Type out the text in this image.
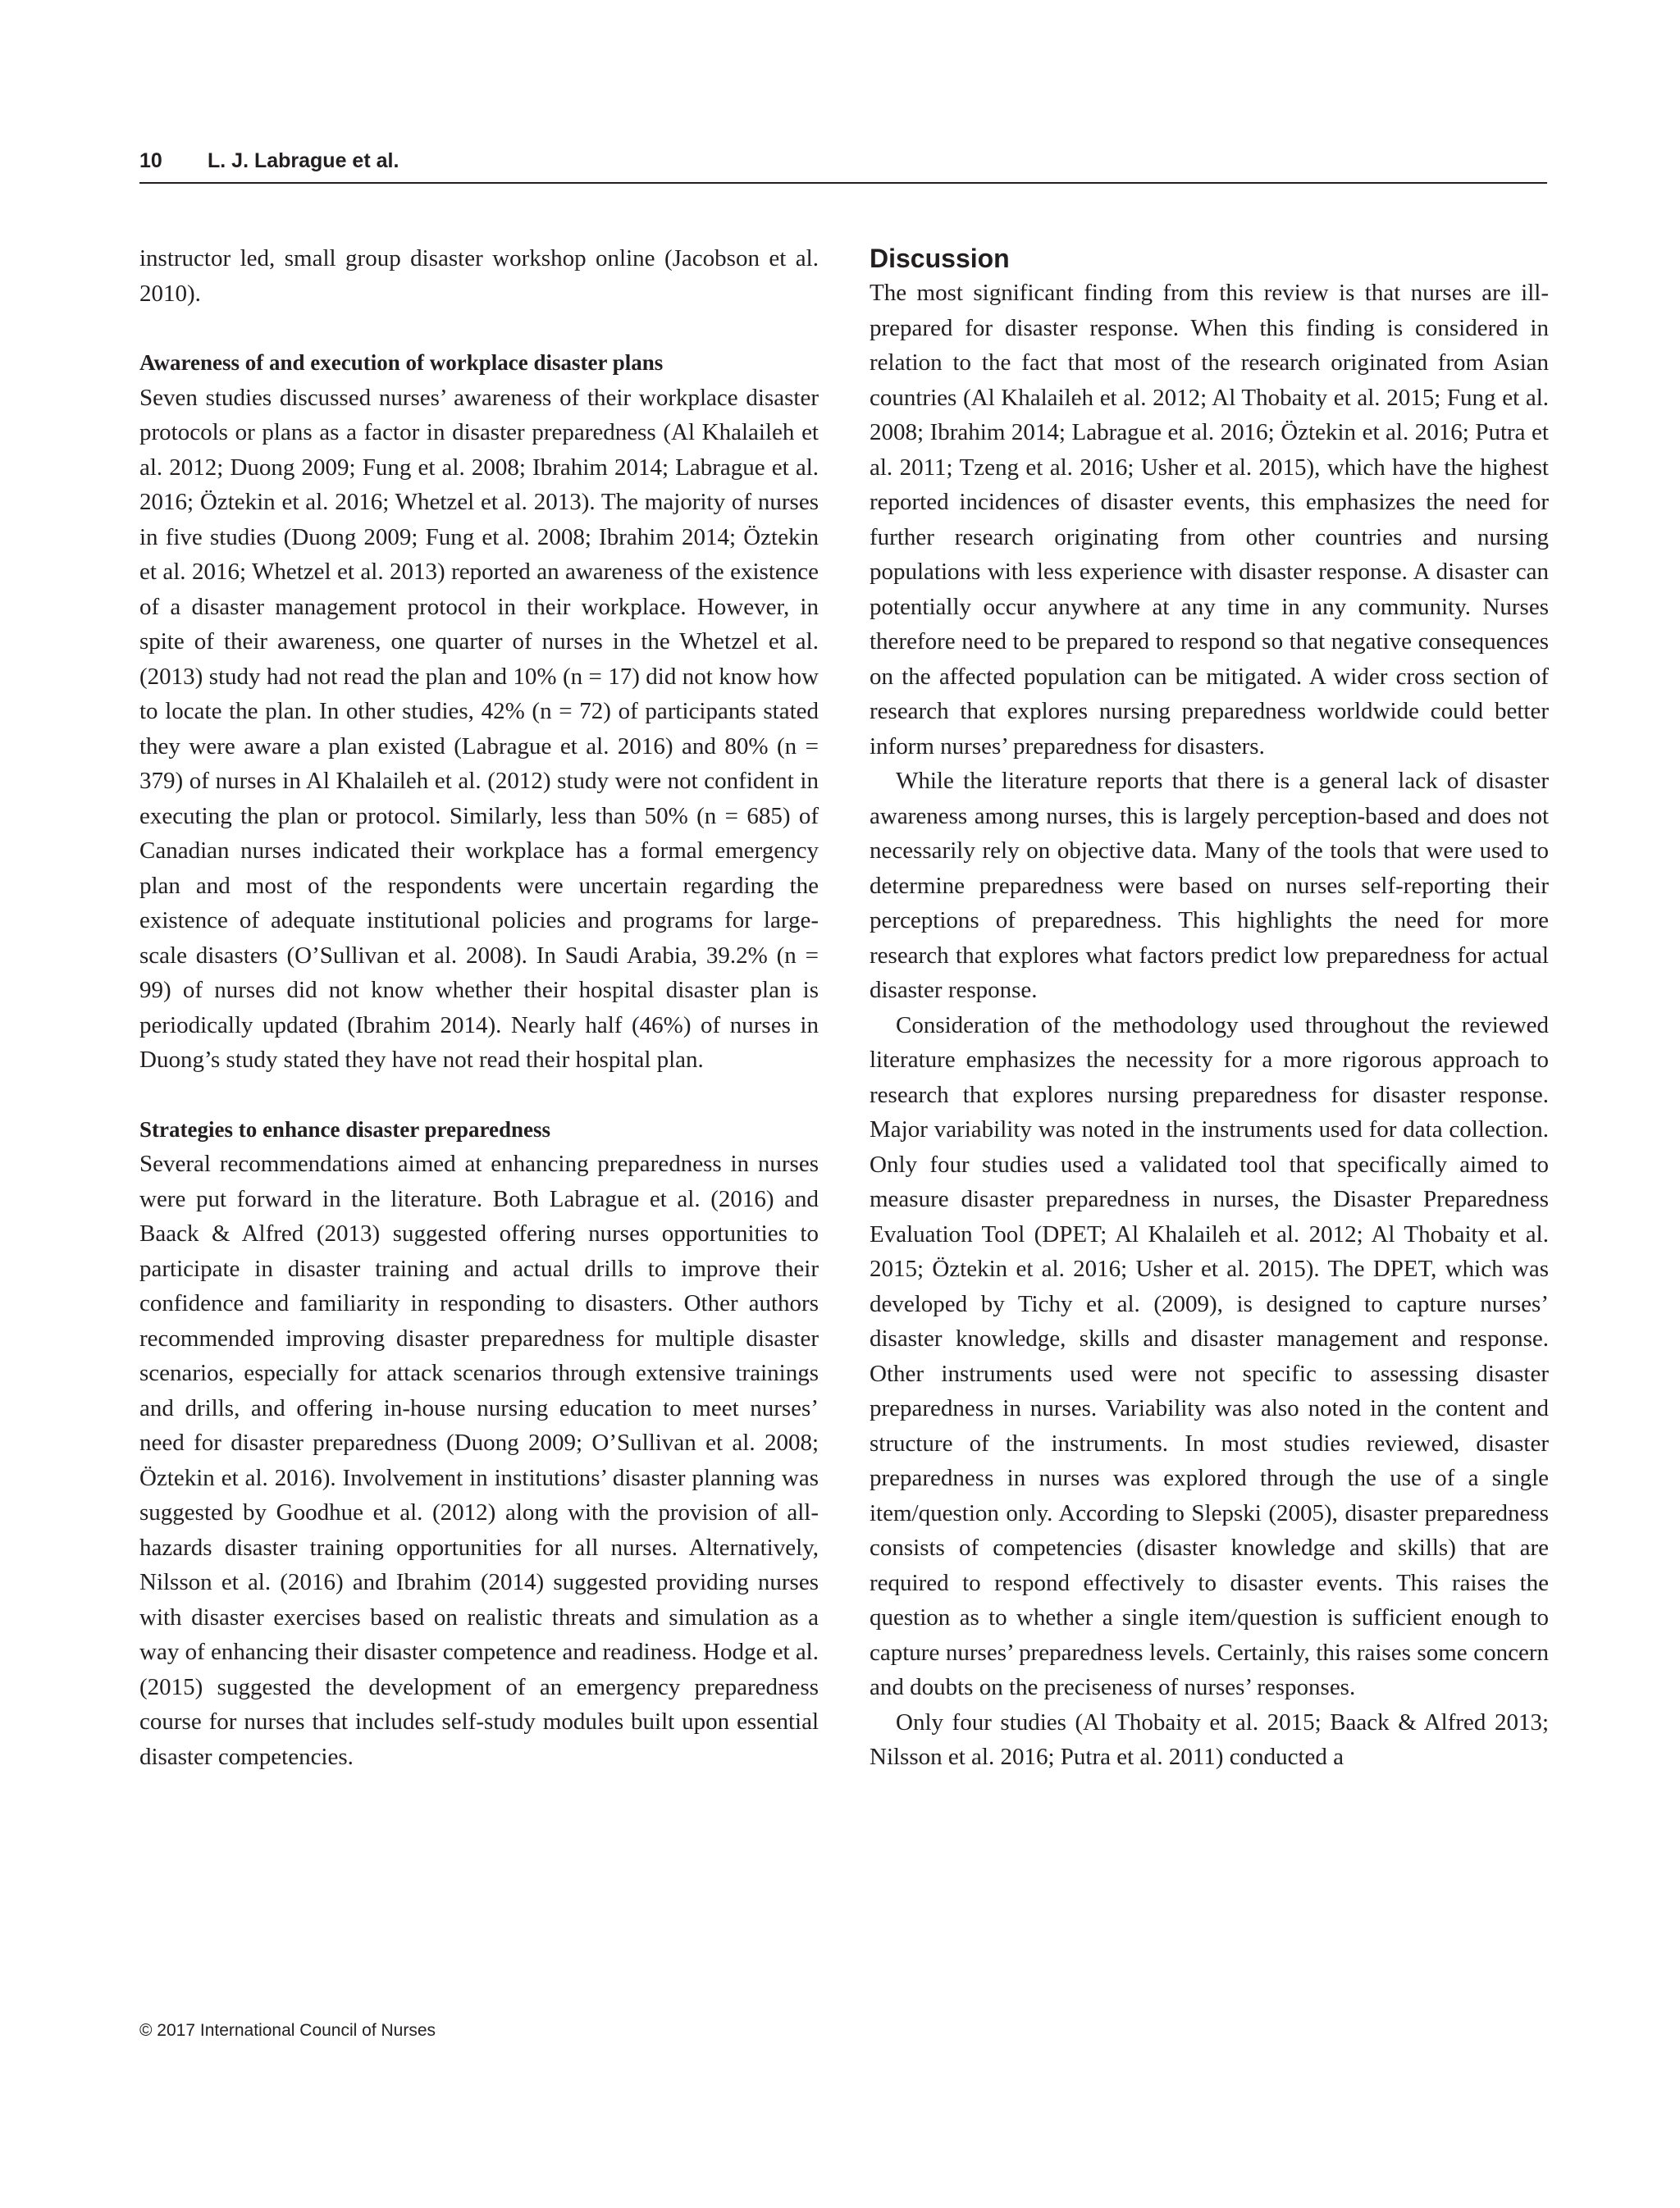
10 L. J. Labrague et al.

instructor led, small group disaster workshop online (Jacobson et al. 2010).

Awareness of and execution of workplace disaster plans

Seven studies discussed nurses’ awareness of their workplace disaster protocols or plans as a factor in disaster preparedness (Al Khalaileh et al. 2012; Duong 2009; Fung et al. 2008; Ibrahim 2014; Labrague et al. 2016; Öztekin et al. 2016; Whetzel et al. 2013). The majority of nurses in five studies (Duong 2009; Fung et al. 2008; Ibrahim 2014; Öztekin et al. 2016; Whetzel et al. 2013) reported an awareness of the existence of a disaster management protocol in their workplace. However, in spite of their awareness, one quarter of nurses in the Whetzel et al. (2013) study had not read the plan and 10% (n = 17) did not know how to locate the plan. In other studies, 42% (n = 72) of participants stated they were aware a plan existed (Labrague et al. 2016) and 80% (n = 379) of nurses in Al Khalaileh et al. (2012) study were not confident in executing the plan or protocol. Similarly, less than 50% (n = 685) of Canadian nurses indicated their workplace has a formal emergency plan and most of the respondents were uncertain regarding the existence of adequate institutional policies and programs for large-scale disasters (O’Sullivan et al. 2008). In Saudi Arabia, 39.2% (n = 99) of nurses did not know whether their hospital disaster plan is periodically updated (Ibrahim 2014). Nearly half (46%) of nurses in Duong’s study stated they have not read their hospital plan.

Strategies to enhance disaster preparedness

Several recommendations aimed at enhancing preparedness in nurses were put forward in the literature. Both Labrague et al. (2016) and Baack & Alfred (2013) suggested offering nurses opportunities to participate in disaster training and actual drills to improve their confidence and familiarity in responding to disasters. Other authors recommended improving disaster preparedness for multiple disaster scenarios, especially for attack scenarios through extensive trainings and drills, and offering in-house nursing education to meet nurses’ need for disaster preparedness (Duong 2009; O’Sullivan et al. 2008; Öztekin et al. 2016). Involvement in institutions’ disaster planning was suggested by Goodhue et al. (2012) along with the provision of all-hazards disaster training opportunities for all nurses. Alternatively, Nilsson et al. (2016) and Ibrahim (2014) suggested providing nurses with disaster exercises based on realistic threats and simulation as a way of enhancing their disaster competence and readiness. Hodge et al. (2015) suggested the development of an emergency preparedness course for nurses that includes self-study modules built upon essential disaster competencies.

Discussion

The most significant finding from this review is that nurses are ill-prepared for disaster response. When this finding is considered in relation to the fact that most of the research originated from Asian countries (Al Khalaileh et al. 2012; Al Thobaity et al. 2015; Fung et al. 2008; Ibrahim 2014; Labrague et al. 2016; Öztekin et al. 2016; Putra et al. 2011; Tzeng et al. 2016; Usher et al. 2015), which have the highest reported incidences of disaster events, this emphasizes the need for further research originating from other countries and nursing populations with less experience with disaster response. A disaster can potentially occur anywhere at any time in any community. Nurses therefore need to be prepared to respond so that negative consequences on the affected population can be mitigated. A wider cross section of research that explores nursing preparedness worldwide could better inform nurses’ preparedness for disasters.

While the literature reports that there is a general lack of disaster awareness among nurses, this is largely perception-based and does not necessarily rely on objective data. Many of the tools that were used to determine preparedness were based on nurses self-reporting their perceptions of preparedness. This highlights the need for more research that explores what factors predict low preparedness for actual disaster response.

Consideration of the methodology used throughout the reviewed literature emphasizes the necessity for a more rigorous approach to research that explores nursing preparedness for disaster response. Major variability was noted in the instruments used for data collection. Only four studies used a validated tool that specifically aimed to measure disaster preparedness in nurses, the Disaster Preparedness Evaluation Tool (DPET; Al Khalaileh et al. 2012; Al Thobaity et al. 2015; Öztekin et al. 2016; Usher et al. 2015). The DPET, which was developed by Tichy et al. (2009), is designed to capture nurses’ disaster knowledge, skills and disaster management and response. Other instruments used were not specific to assessing disaster preparedness in nurses. Variability was also noted in the content and structure of the instruments. In most studies reviewed, disaster preparedness in nurses was explored through the use of a single item/question only. According to Slepski (2005), disaster preparedness consists of competencies (disaster knowledge and skills) that are required to respond effectively to disaster events. This raises the question as to whether a single item/question is sufficient enough to capture nurses’ preparedness levels. Certainly, this raises some concern and doubts on the preciseness of nurses’ responses.

Only four studies (Al Thobaity et al. 2015; Baack & Alfred 2013; Nilsson et al. 2016; Putra et al. 2011) conducted a

© 2017 International Council of Nurses
